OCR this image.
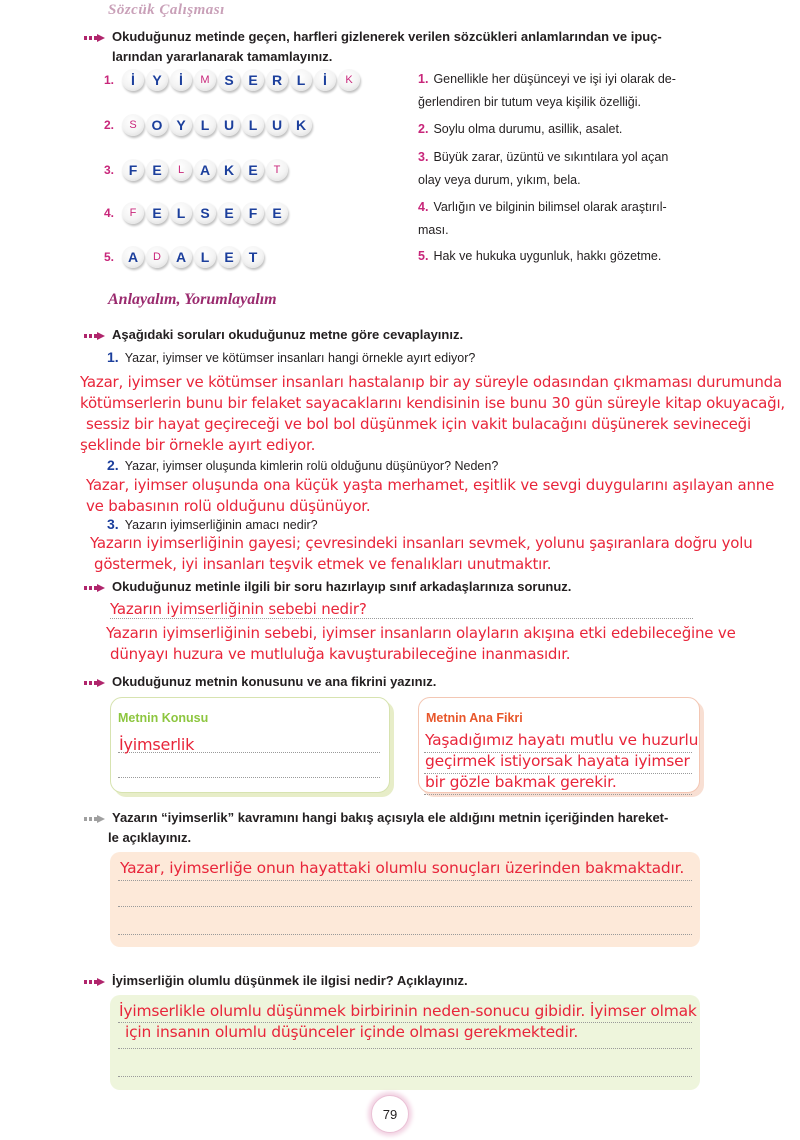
Sözcük Çalışması
Okuduğunuz metinde geçen, harfleri gizlenerek verilen sözcükleri anlamlarından ve ipuç-
larından yararlanarak tamamlayınız.
1.	İ	Y	İ	M	S	E	R	L	İ	K
2.	S	O Y	L	U	L	U K
3.	F	E	L	A K	E	T
4.	F	E	L	S	E	F	E
5. A	D	A	L	E	T
1. Genellikle her düşünceyi ve işi iyi olarak de-
ğerlendiren bir tutum veya kişilik özelliği.
2. Soylu olma durumu, asillik, asalet.
3. Büyük zarar, üzüntü ve sıkıntılara yol açan
olay veya durum, yıkım, bela.
4. Varlığın ve bilginin bilimsel olarak araştırıl-
ması.
5. Hak ve hukuka uygunluk, hakkı gözetme.
Anlayalım, Yorumlayalım
Aşağıdaki soruları okuduğunuz metne göre cevaplayınız.
1. Yazar, iyimser ve kötümser insanları hangi örnekle ayırt ediyor?
Yazar, iyimser ve kötümser insanları hastalanıp bir ay süreyle odasından çıkmaması durumunda
kötümserlerin bunu bir felaket sayacaklarını kendisinin ise bunu 30 gün süreyle kitap okuyacağı,
sessiz bir hayat geçireceği ve bol bol düşünmek için vakit bulacağını düşünerek sevineceği
şeklinde bir örnekle ayırt ediyor.
2. Yazar, iyimser oluşunda kimlerin rolü olduğunu düşünüyor? Neden?
Yazar, iyimser oluşunda ona küçük yaşta merhamet, eşitlik ve sevgi duygularını aşılayan anne
ve babasının rolü olduğunu düşünüyor.
3. Yazarın iyimserliğinin amacı nedir?
Yazarın iyimserliğinin gayesi; çevresindeki insanları sevmek, yolunu şaşıranlara doğru yolu
göstermek, iyi insanları teşvik etmek ve fenalıkları unutmaktır.
Okuduğunuz metinle ilgili bir soru hazırlayıp sınıf arkadaşlarınıza sorunuz.
Yazarın iyimserliğinin sebebi nedir?
Yazarın iyimserliğinin sebebi, iyimser insanların olayların akışına etki edebileceğine ve
dünyayı huzura ve mutluluğa kavuşturabileceğine inanmasıdır.
Okuduğunuz metnin konusunu ve ana fikrini yazınız.
Metnin Konusu
İyimserlik
Metnin Ana Fikri
Yaşadığımız hayatı mutlu ve huzurlu
geçirmek istiyorsak hayata iyimser
bir gözle bakmak gerekir.
Yazarın “iyimserlik” kavramını hangi bakış açısıyla ele aldığını metnin içeriğinden hareket-
le açıklayınız.
Yazar, iyimserliğe onun hayattaki olumlu sonuçları üzerinden bakmaktadır.
İyimserliğin olumlu düşünmek ile ilgisi nedir? Açıklayınız.
İyimserlikle olumlu düşünmek birbirinin neden-sonucu gibidir. İyimser olmak
için insanın olumlu düşünceler içinde olması gerekmektedir.
79
